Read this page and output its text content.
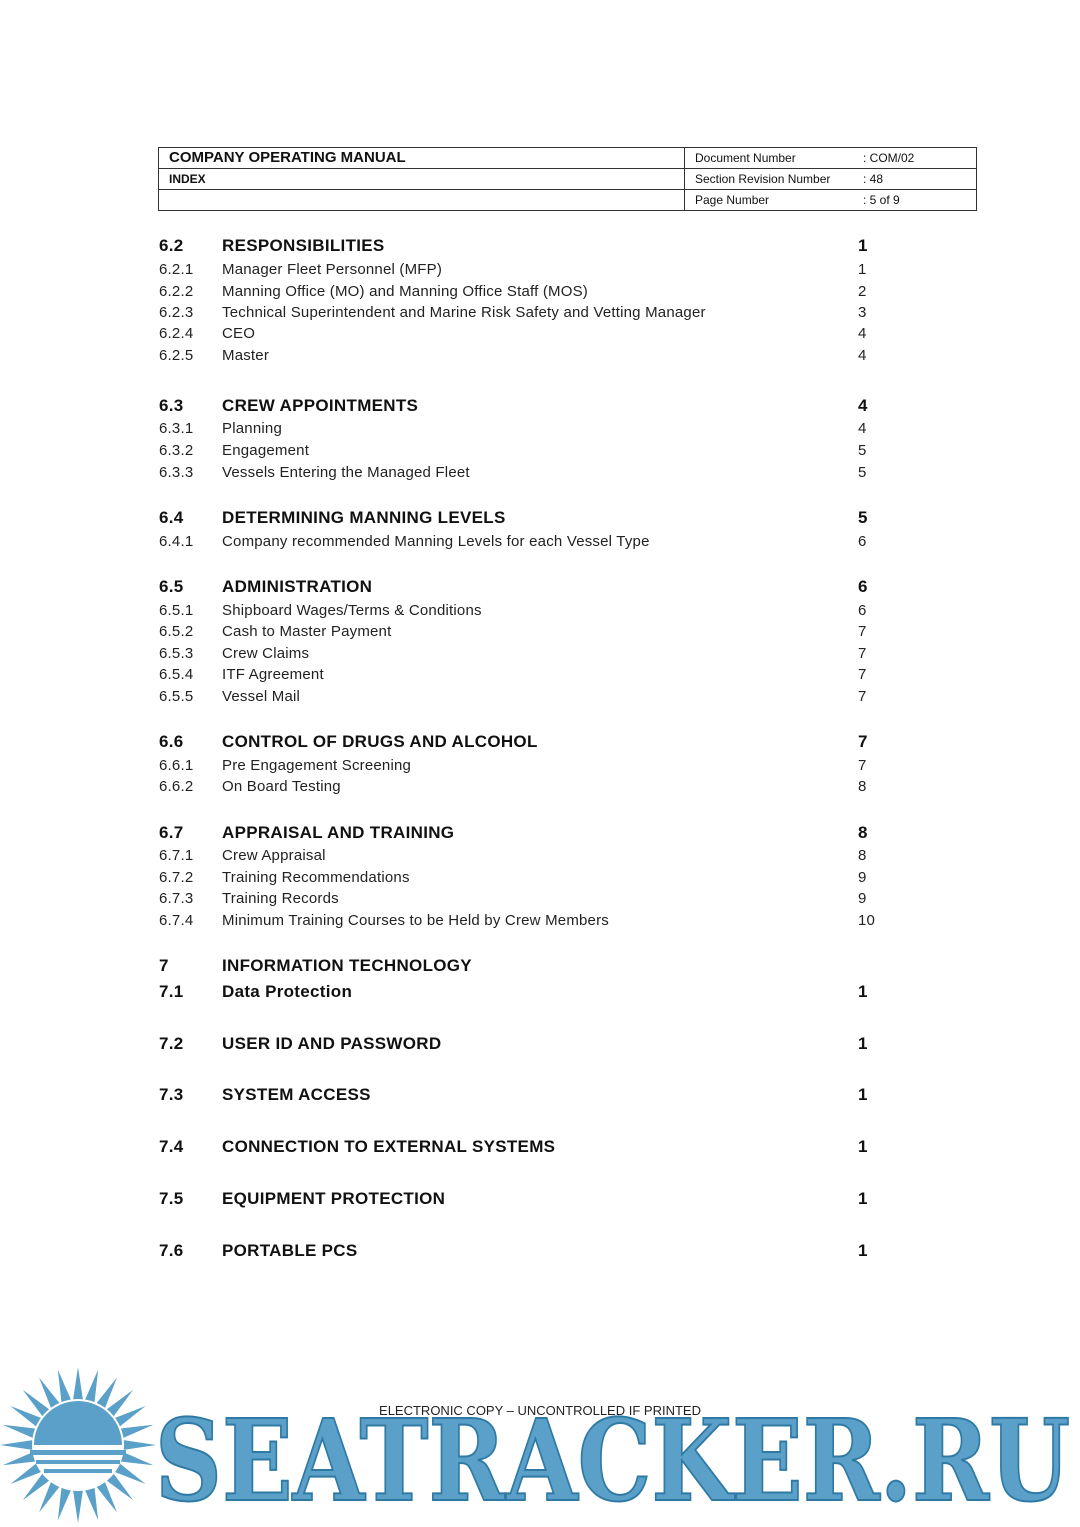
COMPANY OPERATING MANUAL	Document Number : COM/02
INDEX	Section Revision Number : 48
	Page Number : 5 of 9
6.2 RESPONSIBILITIES	1
6.2.1 Manager Fleet Personnel (MFP)	1
6.2.2 Manning Office (MO) and Manning Office Staff (MOS)	2
6.2.3 Technical Superintendent and Marine Risk Safety and Vetting Manager	3
6.2.4 CEO	4
6.2.5 Master	4
6.3 CREW APPOINTMENTS	4
6.3.1 Planning	4
6.3.2 Engagement	5
6.3.3 Vessels Entering the Managed Fleet	5
6.4 DETERMINING MANNING LEVELS	5
6.4.1 Company recommended Manning Levels for each Vessel Type	6
6.5 ADMINISTRATION	6
6.5.1 Shipboard Wages/Terms & Conditions	6
6.5.2 Cash to Master Payment	7
6.5.3 Crew Claims	7
6.5.4 ITF Agreement	7
6.5.5 Vessel Mail	7
6.6 CONTROL OF DRUGS AND ALCOHOL	7
6.6.1 Pre Engagement Screening	7
6.6.2 On Board Testing	8
6.7 APPRAISAL AND TRAINING	8
6.7.1 Crew Appraisal	8
6.7.2 Training Recommendations	9
6.7.3 Training Records	9
6.7.4 Minimum Training Courses to be Held by Crew Members	10
7	INFORMATION TECHNOLOGY
7.1 Data Protection	1
7.2 USER ID AND PASSWORD	1
7.3 SYSTEM ACCESS	1
7.4 CONNECTION TO EXTERNAL SYSTEMS	1
7.5 EQUIPMENT PROTECTION	1
7.6 PORTABLE PCS	1
SEATRACKER.RU
ELECTRONIC COPY – UNCONTROLLED IF PRINTED
